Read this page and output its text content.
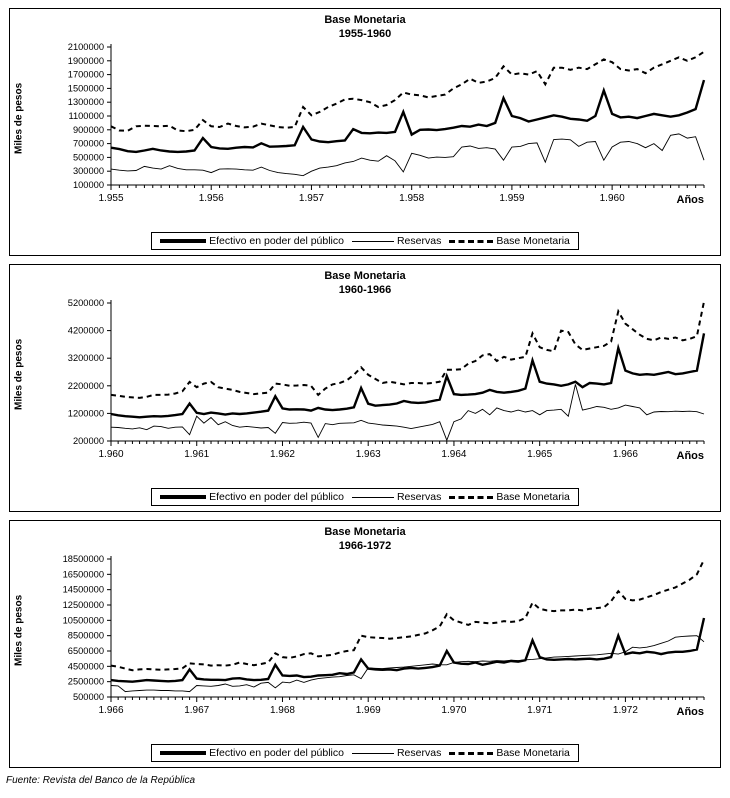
Base Monetaria
1955-1960
Miles de pesos
100000
300000
500000
700000
900000
1100000
1300000
1500000
1700000
1900000
2100000
1.955	1.956	1.957	1.958	1.959	1.960	Años
Efectivo en poder del público	Reservas	Base Monetaria
Base Monetaria
1960-1966
Miles de pesos
200000
1200000
2200000
3200000
4200000
5200000
1.960	1.961	1.962	1.963	1.964	1.965	1.966	Años
Efectivo en poder del público	Reservas	Base Monetaria
Base Monetaria
1966-1972
Miles de pesos
500000
2500000
4500000
6500000
8500000
10500000
12500000
14500000
16500000
18500000
1.966	1.967	1.968	1.969	1.970	1.971	1.972	Años
Efectivo en poder del público	Reservas	Base Monetaria
Fuente: Revista del Banco de la República
